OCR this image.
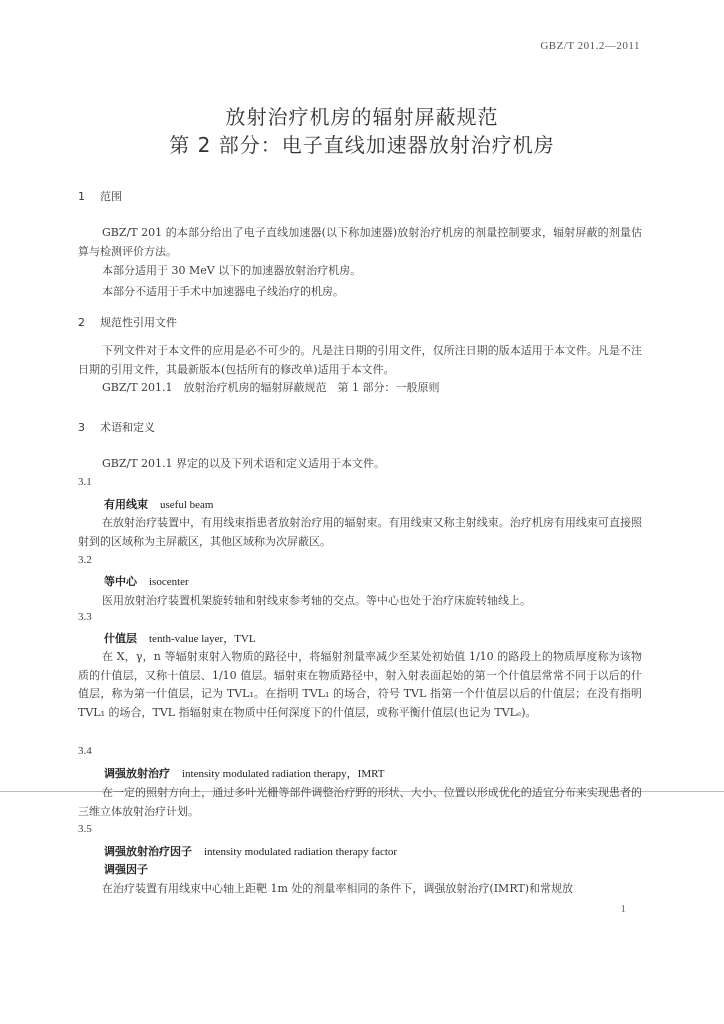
GBZ/T 201.2—2011
放射治疗机房的辐射屏蔽规范
第 2 部分：电子直线加速器放射治疗机房
1 范围
GBZ/T 201 的本部分给出了电子直线加速器(以下称加速器)放射治疗机房的剂量控制要求，辐射屏蔽的剂量估算与检测评价方法。
本部分适用于 30 MeV 以下的加速器放射治疗机房。
本部分不适用于手术中加速器电子线治疗的机房。
2 规范性引用文件
下列文件对于本文件的应用是必不可少的。凡是注日期的引用文件，仅所注日期的版本适用于本文件。凡是不注日期的引用文件，其最新版本(包括所有的修改单)适用于本文件。
GBZ/T 201.1　放射治疗机房的辐射屏蔽规范　第 1 部分：一般原则
3 术语和定义
GBZ/T 201.1 界定的以及下列术语和定义适用于本文件。
3.1
有用线束 useful beam
在放射治疗装置中，有用线束指患者放射治疗用的辐射束。有用线束又称主射线束。治疗机房有用线束可直接照射到的区域称为主屏蔽区，其他区域称为次屏蔽区。
3.2
等中心 isocenter
医用放射治疗装置机架旋转轴和射线束参考轴的交点。等中心也处于治疗床旋转轴线上。
3.3
什值层 tenth-value layer，TVL
在 X，γ，n 等辐射束射入物质的路径中，将辐射剂量率减少至某处初始值 1/10 的路段上的物质厚度称为该物质的什值层，又称十值层、1/10 值层。辐射束在物质路径中，射入射表面起始的第一个什值层常常不同于以后的什值层，称为第一什值层，记为 TVL₁。在指明 TVL₁ 的场合，符号 TVL 指第一个什值层以后的什值层；在没有指明 TVL₁ 的场合，TVL 指辐射束在物质中任何深度下的什值层，或称平衡什值层(也记为 TVLₑ)。
3.4
调强放射治疗 intensity modulated radiation therapy，IMRT
在一定的照射方向上，通过多叶光栅等部件调整治疗野的形状、大小、位置以形成优化的适宜分布来实现患者的三维立体放射治疗计划。
3.5
调强放射治疗因子 intensity modulated radiation therapy factor
调强因子
在治疗装置有用线束中心轴上距靶 1m 处的剂量率相同的条件下，调强放射治疗(IMRT)和常规放
1
